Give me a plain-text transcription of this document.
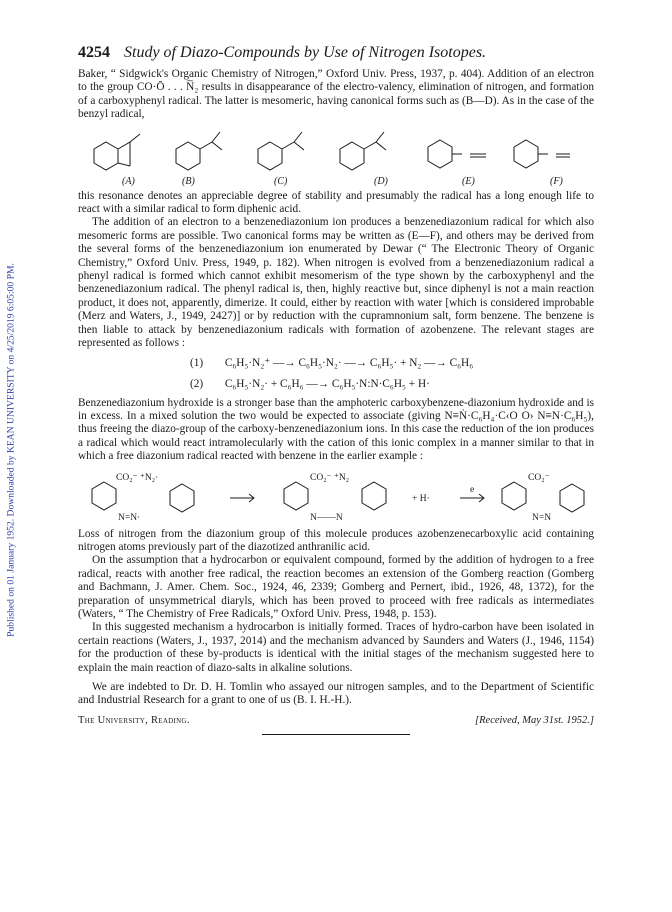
Published on 01 January 1952. Downloaded by KEAN UNIVERSITY on 4/25/2019 6:05:00 PM.
4254 Study of Diazo-Compounds by Use of Nitrogen Isotopes.

Baker, “ Sidgwick's Organic Chemistry of Nitrogen,” Oxford Univ. Press, 1937, p. 404). Addition of an electron to the group CO·Ō . . . N̅₂ results in disappearance of the electro-valency, elimination of nitrogen, and formation of a carboxyphenyl radical. The latter is mesomeric, having canonical forms such as (B—D). As in the case of the benzyl radical,

(A)	(B)	(C)	(D)	(E)	(F)

this resonance denotes an appreciable degree of stability and presumably the radical has a long enough life to react with a similar radical to form diphenic acid.

The addition of an electron to a benzenediazonium ion produces a benzenediazonium radical for which also mesomeric forms are possible. Two canonical forms may be written as (E—F), and others may be derived from the several forms of the benzenediazonium ion enumerated by Dewar (“ The Electronic Theory of Organic Chemistry,” Oxford Univ. Press, 1949, p. 182). When nitrogen is evolved from a benzenediazonium radical a phenyl radical is formed which cannot exhibit mesomerism of the type shown by the carboxyphenyl and the benzenediazonium radical. The phenyl radical is, then, highly reactive but, since diphenyl is not a main reaction product, it does not, apparently, dimerize. It could, either by reaction with water [which is considered improbable (Merz and Waters, J., 1949, 2427)] or by reduction with the cupramnonium salt, form benzene. The benzene is then liable to attack by benzenediazonium radicals with formation of azobenzene. The relevant stages are represented as follows :

(1) C₆H₅·N₂⁺ —→ C₆H₅·N₂· —→ C₆H₅· + N₂ —→ C₆H₆
(2) C₆H₅·N₂· + C₆H₆ —→ C₆H₅·N:N·C₆H₅ + H·

Benzenediazonium hydroxide is a stronger base than the amphoteric carboxybenzene-diazonium hydroxide and is in excess. In a mixed solution the two would be expected to associate (giving N≡Ṅ·C₆H₄·C‹O O› N≡N·C₆H₅), thus freeing the diazo-group of the carboxy-benzenediazonium ions. In this case the reduction of the ion produces a radical which would react intramolecularly with the cation of this ionic complex in a manner similar to that in which a free diazonium radical reacted with benzene in the earlier example :

CO₂⁻ ⁺N₂·
N=N·
CO₂⁻ ⁺N₂
N——N
+ H·
e
CO₂⁻
N=N

Loss of nitrogen from the diazonium group of this molecule produces azobenzenecarboxylic acid containing nitrogen atoms previously part of the diazotized anthranilic acid.

On the assumption that a hydrocarbon or equivalent compound, formed by the addition of hydrogen to a free radical, reacts with another free radical, the reaction becomes an extension of the Gomberg reaction (Gomberg and Bachmann, J. Amer. Chem. Soc., 1924, 46, 2339; Gomberg and Pernert, ibid., 1926, 48, 1372), for the preparation of unsymmetrical diaryls, which has been proved to proceed with free radicals as intermediates (Waters, “ The Chemistry of Free Radicals,” Oxford Univ. Press, 1948, p. 153).

In this suggested mechanism a hydrocarbon is initially formed. Traces of hydro-carbon have been isolated in certain reactions (Waters, J., 1937, 2014) and the mechanism advanced by Saunders and Waters (J., 1946, 1154) for the production of these by-products is identical with the initial stages of the mechanism suggested here to explain the main reaction of diazo-salts in alkaline solutions.

We are indebted to Dr. D. H. Tomlin who assayed our nitrogen samples, and to the Department of Scientific and Industrial Research for a grant to one of us (B. I. H.-H.).

The University, Reading.	[Received, May 31st. 1952.]
